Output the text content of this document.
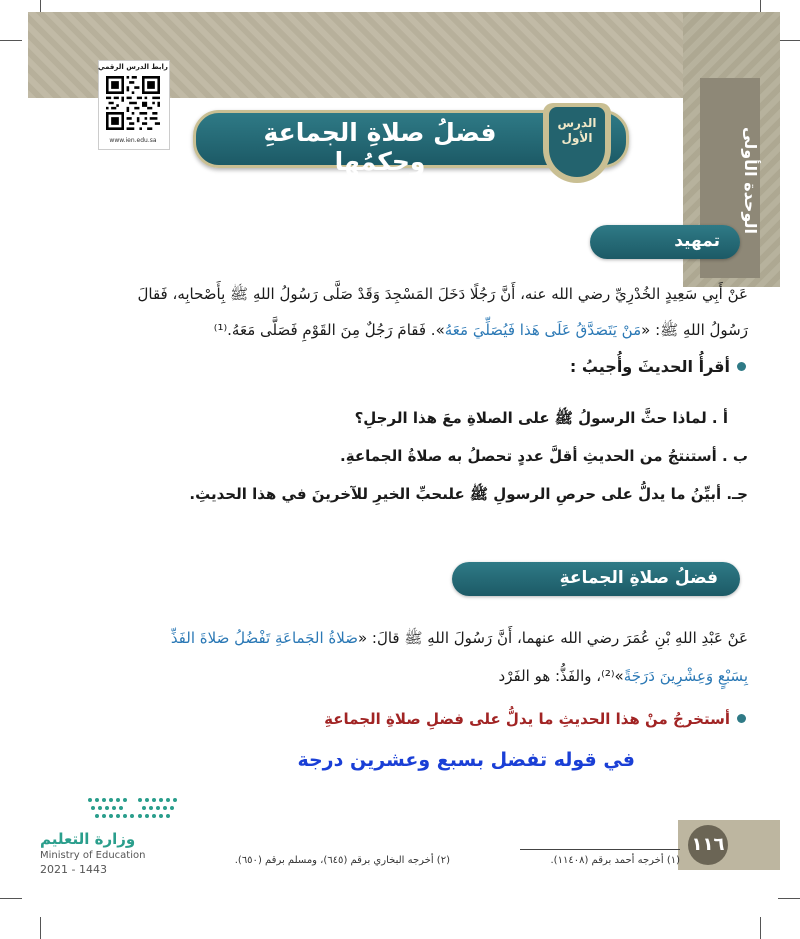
الوحدة الأولى
رابط الدرس الرقمي
www.ien.edu.sa	فضلُ صلاةِ الجماعةِ وحكمُها
الدرس
الأول
تمهيد
عَنْ أَبِي سَعِيدٍ الخُدْرِيِّ رضي الله عنه، أَنَّ رَجُلًا دَخَلَ المَسْجِدَ وَقَدْ صَلَّى رَسُولُ اللهِ ﷺ بِأَصْحابِه، فَقالَ
رَسُولُ اللهِ ﷺ: «مَنْ يَتَصَدَّقُ عَلَى هَذا فَيُصَلِّيَ مَعَهُ». فَقامَ رَجُلٌ مِنَ القَوْمِ فَصَلَّى مَعَهُ.⁽¹⁾
أقرأُ الحديثَ وأُجيبُ :
أ . لماذا حثَّ الرسولُ ﷺ على الصلاةِ معَ هذا الرجلِ؟
ب . أستنتجُ من الحديثِ أقلَّ عددٍ تحصلُ به صلاةُ الجماعةِ.
جـ. أبيِّنُ ما يدلُّ على حرصِ الرسولِ ﷺ علىحبِّ الخيرِ للآخرينَ في هذا الحديثِ.
فضلُ صلاةِ الجماعةِ
عَنْ عَبْدِ اللهِ بْنِ عُمَرَ رضي الله عنهما، أَنَّ رَسُولَ اللهِ ﷺ قالَ: «صَلاةُ الجَماعَةِ تَفْضُلُ صَلاةَ الفَذِّ
بِسَبْعٍ وَعِشْرِينَ دَرَجَةً»⁽²⁾، والفَذُّ: هو الفَرْد
أستخرجُ منْ هذا الحديثِ ما يدلُّ على فضلِ صلاةِ الجماعةِ
في قوله تفضل بسبع وعشرين درجة
١١٦
(١) أخرجه أحمد برقم (١١٤٠٨).
(٢) أخرجه البخاري برقم (٦٤٥)، ومسلم برقم (٦٥٠).
وزارة التعليم
Ministry of Education
2021 - 1443
